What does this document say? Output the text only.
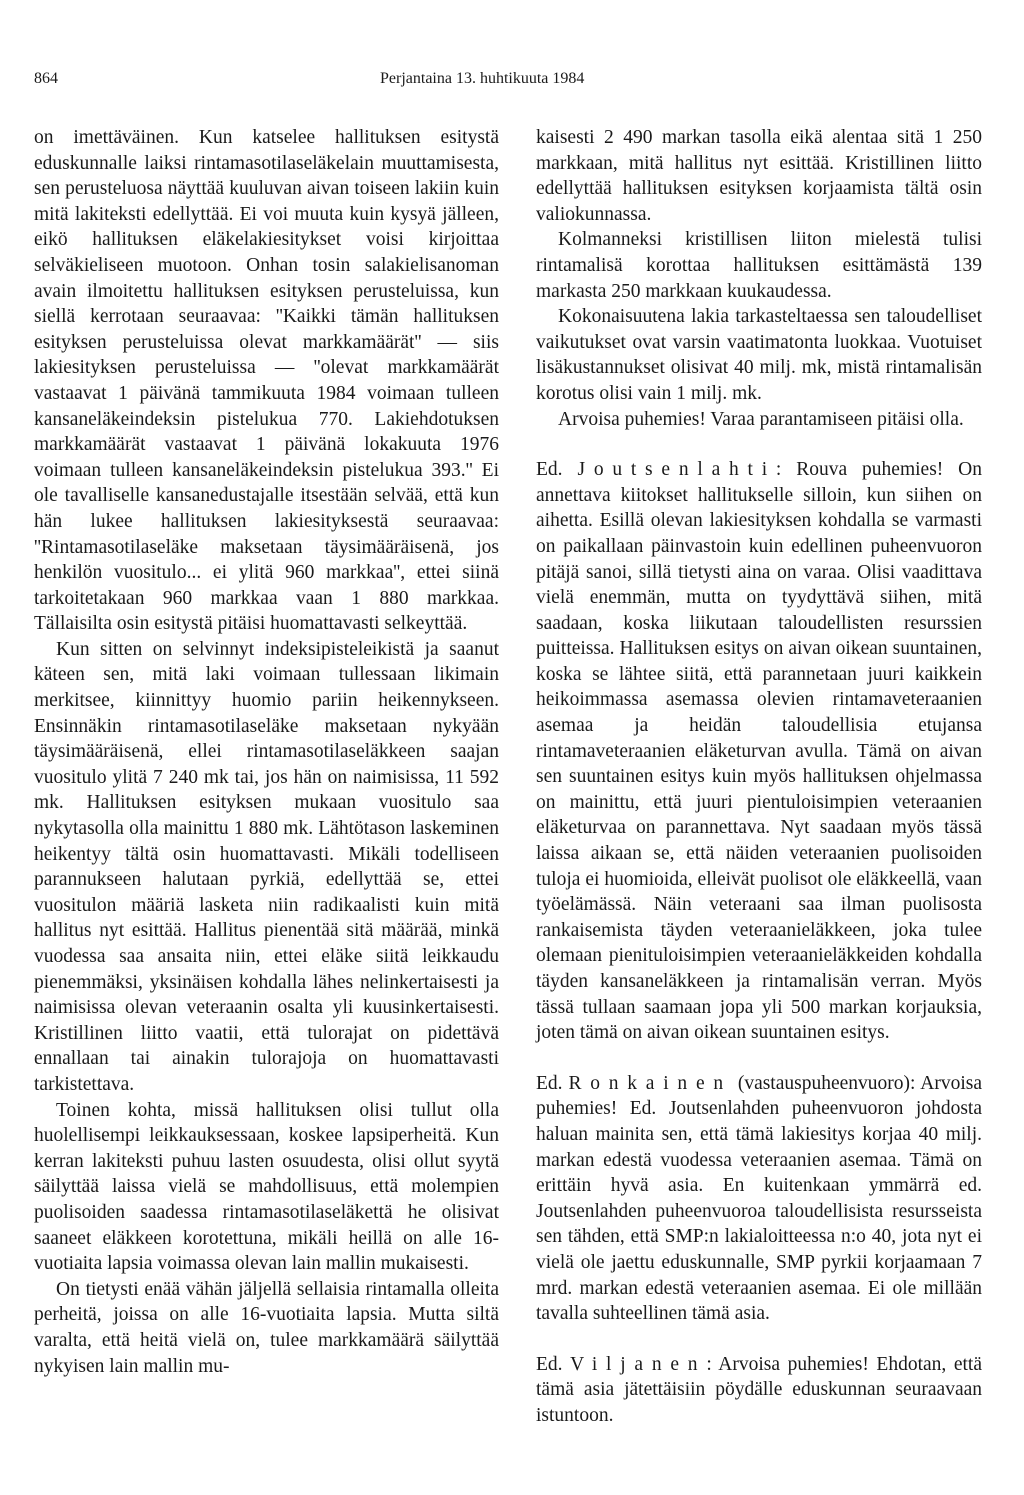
864	Perjantaina 13. huhtikuuta 1984

on imettäväinen. Kun katselee hallituksen esitystä eduskunnalle laiksi rintamasotilaseläkelain muuttamisesta, sen perusteluosa näyttää kuuluvan aivan toiseen lakiin kuin mitä lakiteksti edellyttää. Ei voi muuta kuin kysyä jälleen, eikö hallituksen eläkelakiesitykset voisi kirjoittaa selväkieliseen muotoon. Onhan tosin salakielisanoman avain ilmoitettu hallituksen esityksen perusteluissa, kun siellä kerrotaan seuraavaa: ''Kaikki tämän hallituksen esityksen perusteluissa olevat markkamäärät'' — siis lakiesityksen perusteluissa — ''olevat markkamäärät vastaavat 1 päivänä tammikuuta 1984 voimaan tulleen kansaneläkeindeksin pistelukua 770. Lakiehdotuksen markkamäärät vastaavat 1 päivänä lokakuuta 1976 voimaan tulleen kansaneläkeindeksin pistelukua 393.'' Ei ole tavalliselle kansanedustajalle itsestään selvää, että kun hän lukee hallituksen lakiesityksestä seuraavaa: ''Rintamasotilaseläke maksetaan täysimääräisenä, jos henkilön vuositulo... ei ylitä 960 markkaa'', ettei siinä tarkoitetakaan 960 markkaa vaan 1 880 markkaa. Tällaisilta osin esitystä pitäisi huomattavasti selkeyttää.

Kun sitten on selvinnyt indeksipisteleikistä ja saanut käteen sen, mitä laki voimaan tullessaan likimain merkitsee, kiinnittyy huomio pariin heikennykseen. Ensinnäkin rintamasotilaseläke maksetaan nykyään täysimääräisenä, ellei rintamasotilaseläkkeen saajan vuositulo ylitä 7 240 mk tai, jos hän on naimisissa, 11 592 mk. Hallituksen esityksen mukaan vuositulo saa nykytasolla olla mainittu 1 880 mk. Lähtötason laskeminen heikentyy tältä osin huomattavasti. Mikäli todelliseen parannukseen halutaan pyrkiä, edellyttää se, ettei vuositulon määriä lasketa niin radikaalisti kuin mitä hallitus nyt esittää. Hallitus pienentää sitä määrää, minkä vuodessa saa ansaita niin, ettei eläke siitä leikkaudu pienemmäksi, yksinäisen kohdalla lähes nelinkertaisesti ja naimisissa olevan veteraanin osalta yli kuusinkertaisesti. Kristillinen liitto vaatii, että tulorajat on pidettävä ennallaan tai ainakin tulorajoja on huomattavasti tarkistettava.

Toinen kohta, missä hallituksen olisi tullut olla huolellisempi leikkauksessaan, koskee lapsiperheitä. Kun kerran lakiteksti puhuu lasten osuudesta, olisi ollut syytä säilyttää laissa vielä se mahdollisuus, että molempien puolisoiden saadessa rintamasotilaseläkettä he olisivat saaneet eläkkeen korotettuna, mikäli heillä on alle 16-vuotiaita lapsia voimassa olevan lain mallin mukaisesti.

On tietysti enää vähän jäljellä sellaisia rintamalla olleita perheitä, joissa on alle 16-vuotiaita lapsia. Mutta siltä varalta, että heitä vielä on, tulee markkamäärä säilyttää nykyisen lain mallin mu-

kaisesti 2 490 markan tasolla eikä alentaa sitä 1 250 markkaan, mitä hallitus nyt esittää. Kristillinen liitto edellyttää hallituksen esityksen korjaamista tältä osin valiokunnassa.

Kolmanneksi kristillisen liiton mielestä tulisi rintamalisä korottaa hallituksen esittämästä 139 markasta 250 markkaan kuukaudessa.

Kokonaisuutena lakia tarkasteltaessa sen taloudelliset vaikutukset ovat varsin vaatimatonta luokkaa. Vuotuiset lisäkustannukset olisivat 40 milj. mk, mistä rintamalisän korotus olisi vain 1 milj. mk.

Arvoisa puhemies! Varaa parantamiseen pitäisi olla.

Ed. Joutsenlahti: Rouva puhemies! On annettava kiitokset hallitukselle silloin, kun siihen on aihetta. Esillä olevan lakiesityksen kohdalla se varmasti on paikallaan päinvastoin kuin edellinen puheenvuoron pitäjä sanoi, sillä tietysti aina on varaa. Olisi vaadittava vielä enemmän, mutta on tyydyttävä siihen, mitä saadaan, koska liikutaan taloudellisten resurssien puitteissa. Hallituksen esitys on aivan oikean suuntainen, koska se lähtee siitä, että parannetaan juuri kaikkein heikoimmassa asemassa olevien rintamaveteraanien asemaa ja heidän taloudellisia etujansa rintamaveteraanien eläketurvan avulla. Tämä on aivan sen suuntainen esitys kuin myös hallituksen ohjelmassa on mainittu, että juuri pientuloisimpien veteraanien eläketurvaa on parannettava. Nyt saadaan myös tässä laissa aikaan se, että näiden veteraanien puolisoiden tuloja ei huomioida, elleivät puolisot ole eläkkeellä, vaan työelämässä. Näin veteraani saa ilman puolisosta rankaisemista täyden veteraanieläkkeen, joka tulee olemaan pienituloisimpien veteraanieläkkeiden kohdalla täyden kansaneläkkeen ja rintamalisän verran. Myös tässä tullaan saamaan jopa yli 500 markan korjauksia, joten tämä on aivan oikean suuntainen esitys.

Ed. Ronkainen (vastauspuheenvuoro): Arvoisa puhemies! Ed. Joutsenlahden puheenvuoron johdosta haluan mainita sen, että tämä lakiesitys korjaa 40 milj. markan edestä vuodessa veteraanien asemaa. Tämä on erittäin hyvä asia. En kuitenkaan ymmärrä ed. Joutsenlahden puheenvuoroa taloudellisista resursseista sen tähden, että SMP:n lakialoitteessa n:o 40, jota nyt ei vielä ole jaettu eduskunnalle, SMP pyrkii korjaamaan 7 mrd. markan edestä veteraanien asemaa. Ei ole millään tavalla suhteellinen tämä asia.

Ed. Viljanen: Arvoisa puhemies! Ehdotan, että tämä asia jätettäisiin pöydälle eduskunnan seuraavaan istuntoon.
